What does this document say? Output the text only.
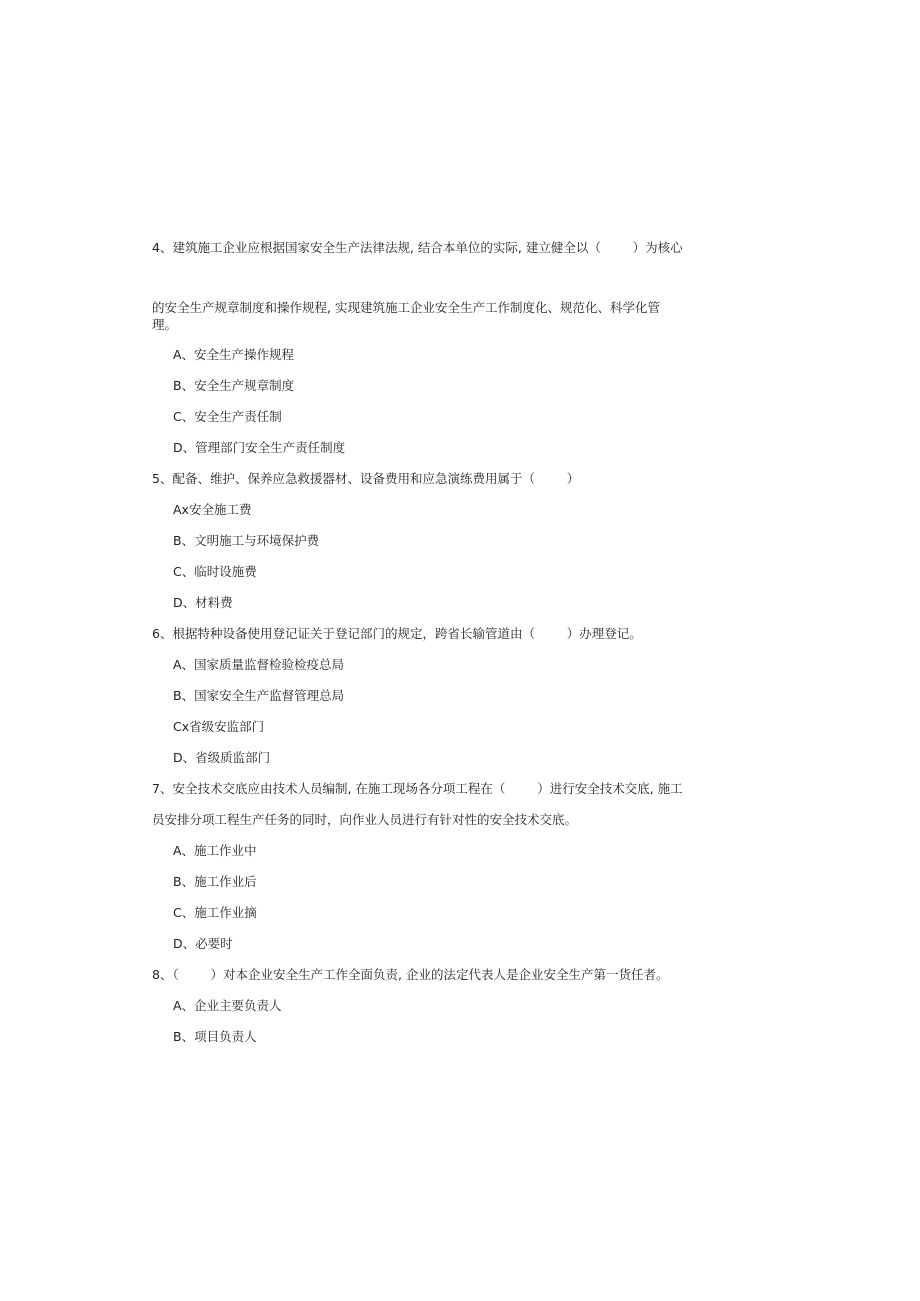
4、建筑施工企业应根据国家安全生产法律法规, 结合本单位的实际, 建立健全以（        ）为核心
的安全生产规章制度和操作规程, 实现建筑施工企业安全生产工作制度化、规范化、科学化管
理。
A、安全生产操作规程
B、安全生产规章制度
C、安全生产责任制
D、管理部门安全生产责任制度
5、配备、维护、保养应急救援器材、设备费用和应急演练费用属于（        ）
Ax安全施工费
B、文明施工与环境保护费
C、临时设施费
D、材料费
6、根据特种设备使用登记证关于登记部门的规定，跨省长输管道由（        ）办理登记。
A、国家质量监督检验检疫总局
B、国家安全生产监督管理总局
Cx省级安监部门
D、省级质监部门
7、安全技术交底应由技术人员编制, 在施工现场各分项工程在（        ）进行安全技术交底, 施工
员安排分项工程生产任务的同时，向作业人员进行有针对性的安全技术交底。
A、施工作业中
B、施工作业后
C、施工作业摘
D、必要时
8、（        ）对本企业安全生产工作全面负责, 企业的法定代表人是企业安全生产第一货任者。
A、企业主要负责人
B、项目负责人
